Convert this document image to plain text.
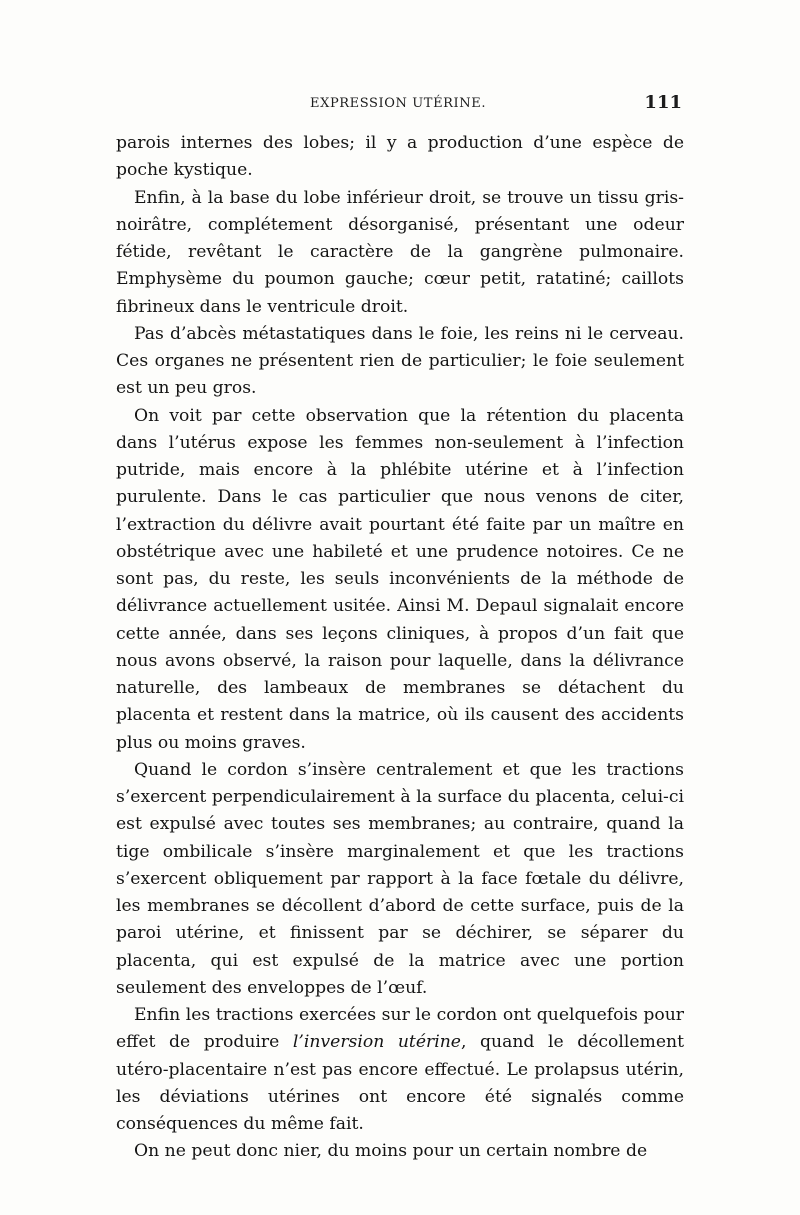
EXPRESSION UTÉRINE.	111

parois internes des lobes; il y a production d’une espèce de poche kystique.

Enfin, à la base du lobe inférieur droit, se trouve un tissu gris-noirâtre, complétement désorganisé, présentant une odeur fétide, revêtant le caractère de la gangrène pulmonaire. Emphysème du poumon gauche; cœur petit, ratatiné; caillots fibrineux dans le ventricule droit.

Pas d’abcès métastatiques dans le foie, les reins ni le cerveau. Ces organes ne présentent rien de particulier; le foie seulement est un peu gros.

On voit par cette observation que la rétention du placenta dans l’utérus expose les femmes non-seulement à l’infection putride, mais encore à la phlébite utérine et à l’infection purulente. Dans le cas particulier que nous venons de citer, l’extraction du délivre avait pourtant été faite par un maître en obstétrique avec une habileté et une prudence notoires. Ce ne sont pas, du reste, les seuls inconvénients de la méthode de délivrance actuellement usitée. Ainsi M. Depaul signalait encore cette année, dans ses leçons cliniques, à propos d’un fait que nous avons observé, la raison pour laquelle, dans la délivrance naturelle, des lambeaux de membranes se détachent du placenta et restent dans la matrice, où ils causent des accidents plus ou moins graves.

Quand le cordon s’insère centralement et que les tractions s’exercent perpendiculairement à la surface du placenta, celui-ci est expulsé avec toutes ses membranes; au contraire, quand la tige ombilicale s’insère marginalement et que les tractions s’exercent obliquement par rapport à la face fœtale du délivre, les membranes se décollent d’abord de cette surface, puis de la paroi utérine, et finissent par se déchirer, se séparer du placenta, qui est expulsé de la matrice avec une portion seulement des enveloppes de l’œuf.

Enfin les tractions exercées sur le cordon ont quelquefois pour effet de produire l’inversion utérine, quand le décollement utéro-placentaire n’est pas encore effectué. Le prolapsus utérin, les déviations utérines ont encore été signalés comme conséquences du même fait.

On ne peut donc nier, du moins pour un certain nombre de
